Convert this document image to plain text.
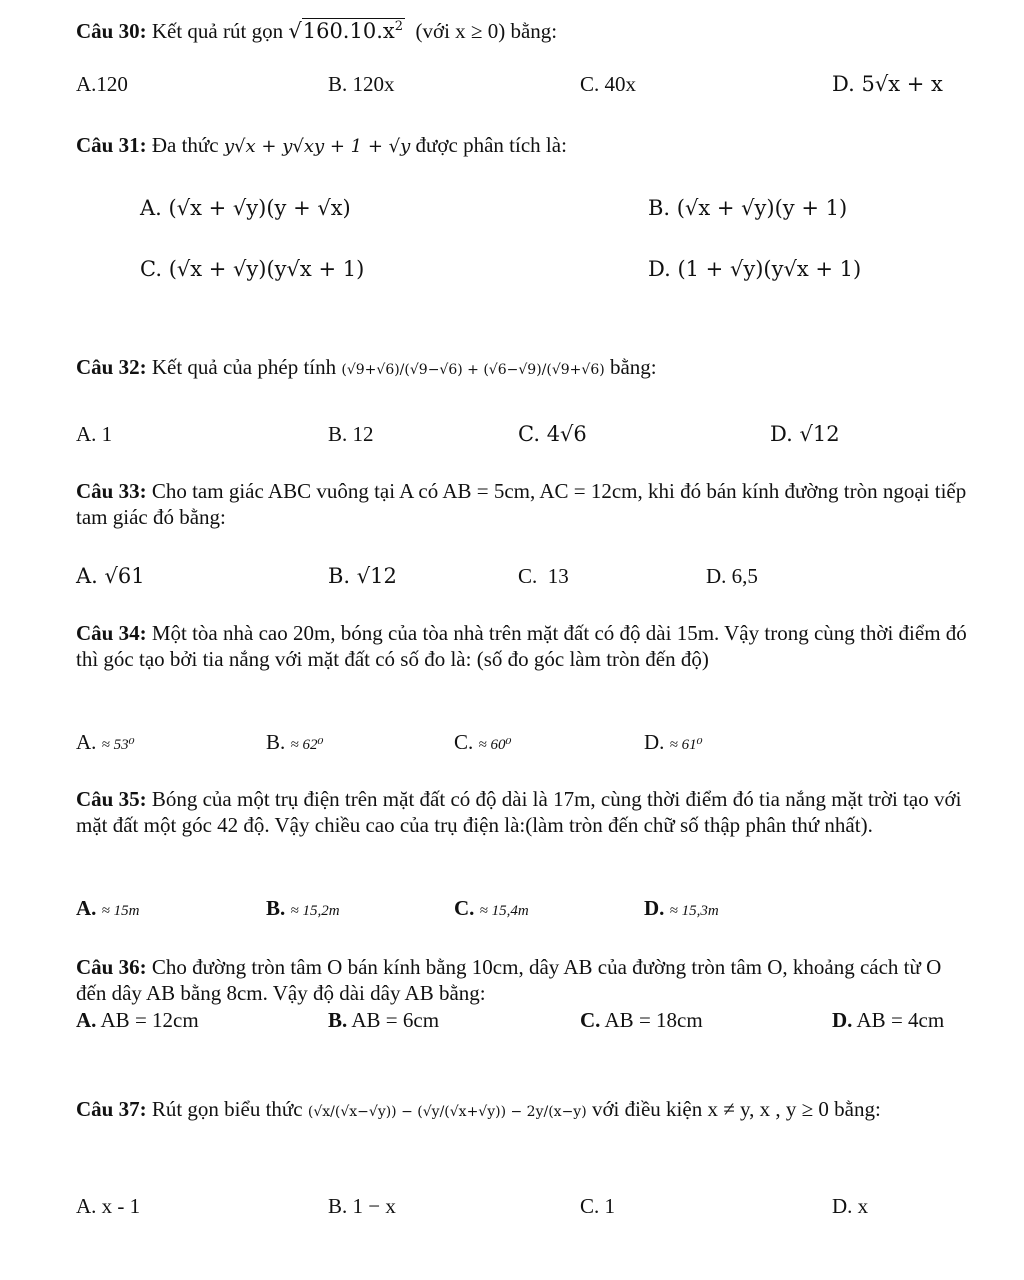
Câu 30: Kết quả rút gọn $√160.10.x^2$ (với x ≥ 0) bằng:
A.120	B. 120x	C. 40x	D. 5√x + x
Câu 31: Đa thức y√x + y√xy + 1 + √y được phân tích là:
A. (√x + √y)(y + √x)	B. (√x + √y)(y + 1)
C. (√x + √y)(y√x + 1)	D. (1 + √y)(y√x + 1)
Câu 32: Kết quả của phép tính (√9+√6)/(√9−√6) + (√6−√9)/(√9+√6) bằng:
A. 1	B. 12	C. 4√6	D. √12
Câu 33: Cho tam giác ABC vuông tại A có AB = 5cm, AC = 12cm, khi đó bán kính đường tròn ngoại tiếp tam giác đó bằng:
A. √61	B. √12	C. 13	D. 6,5
Câu 34: Một tòa nhà cao 20m, bóng của tòa nhà trên mặt đất có độ dài 15m. Vậy trong cùng thời điểm đó thì góc tạo bởi tia nắng với mặt đất có số đo là: (số đo góc làm tròn đến độ)
A. ≈ 53⁰	B. ≈ 62⁰	C. ≈ 60⁰	D. ≈ 61⁰
Câu 35: Bóng của một trụ điện trên mặt đất có độ dài là 17m, cùng thời điểm đó tia nắng mặt trời tạo với mặt đất một góc 42 độ. Vậy chiều cao của trụ điện là:(làm tròn đến chữ số thập phân thứ nhất).
A. ≈ 15m	B. ≈ 15,2m	C. ≈ 15,4m	D. ≈ 15,3m
Câu 36: Cho đường tròn tâm O bán kính bằng 10cm, dây AB của đường tròn tâm O, khoảng cách từ O đến dây AB bằng 8cm. Vậy độ dài dây AB bằng:
A. AB = 12cm	B. AB = 6cm	C. AB = 18cm	D. AB = 4cm
Câu 37: Rút gọn biểu thức (√x/(√x−√y)) − (√y/(√x+√y)) − 2y/(x−y) với điều kiện x ≠ y, x , y ≥ 0 bằng:
A. x - 1	B. 1 − x	C. 1	D. x
